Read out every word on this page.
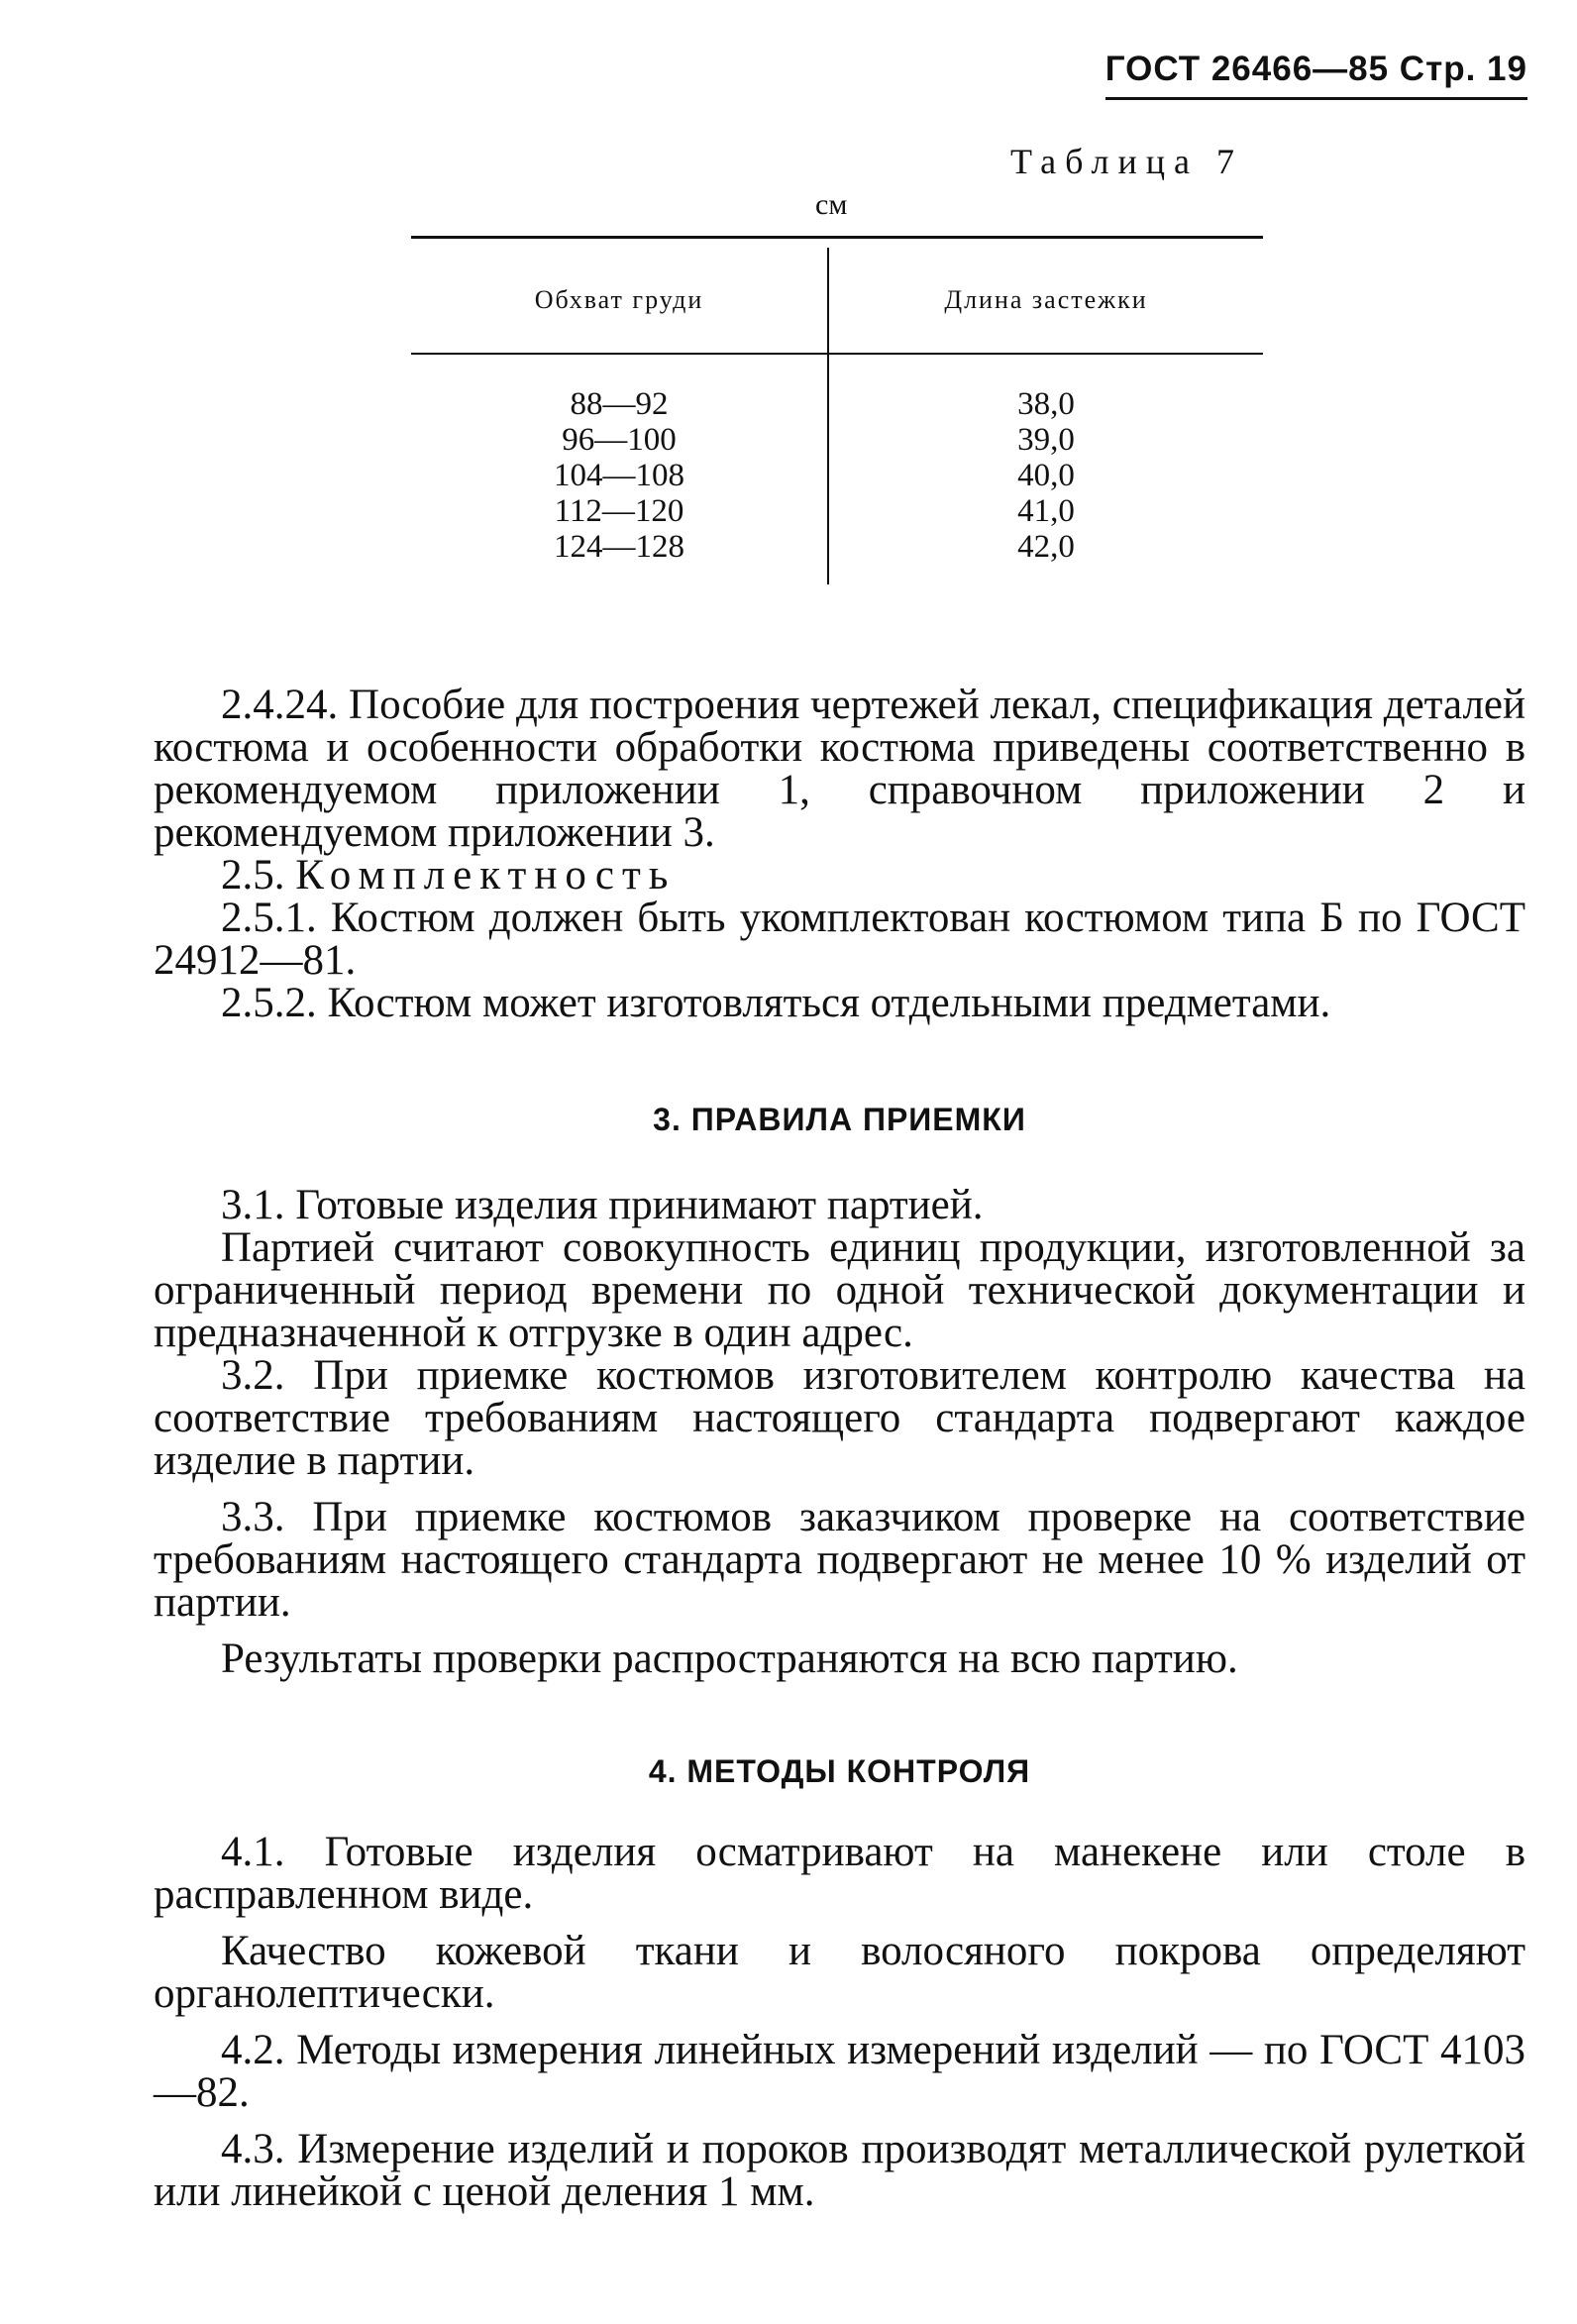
ГОСТ 26466—85 Стр. 19
Таблица 7
см
Обхват груди	Длина застежки
88—92
96—100
104—108
112—120
124—128
38,0
39,0
40,0
41,0
42,0

2.4.24. Пособие для построения чертежей лекал, спецификация деталей костюма и особенности обработки костюма приведены соответственно в рекомендуемом приложении 1, справочном приложении 2 и рекомендуемом приложении 3.

2.5. Комплектность

2.5.1. Костюм должен быть укомплектован костюмом типа Б по ГОСТ 24912—81.

2.5.2. Костюм может изготовляться отдельными предметами.

3. ПРАВИЛА ПРИЕМКИ

3.1. Готовые изделия принимают партией.

Партией считают совокупность единиц продукции, изготовленной за ограниченный период времени по одной технической документации и предназначенной к отгрузке в один адрес.

3.2. При приемке костюмов изготовителем контролю качества на соответствие требованиям настоящего стандарта подвергают каждое изделие в партии.

3.3. При приемке костюмов заказчиком проверке на соответствие требованиям настоящего стандарта подвергают не менее 10 % изделий от партии.

Результаты проверки распространяются на всю партию.

4. МЕТОДЫ КОНТРОЛЯ

4.1. Готовые изделия осматривают на манекене или столе в расправленном виде.

Качество кожевой ткани и волосяного покрова определяют органолептически.

4.2. Методы измерения линейных измерений изделий — по ГОСТ 4103—82.

4.3. Измерение изделий и пороков производят металлической рулеткой или линейкой с ценой деления 1 мм.
